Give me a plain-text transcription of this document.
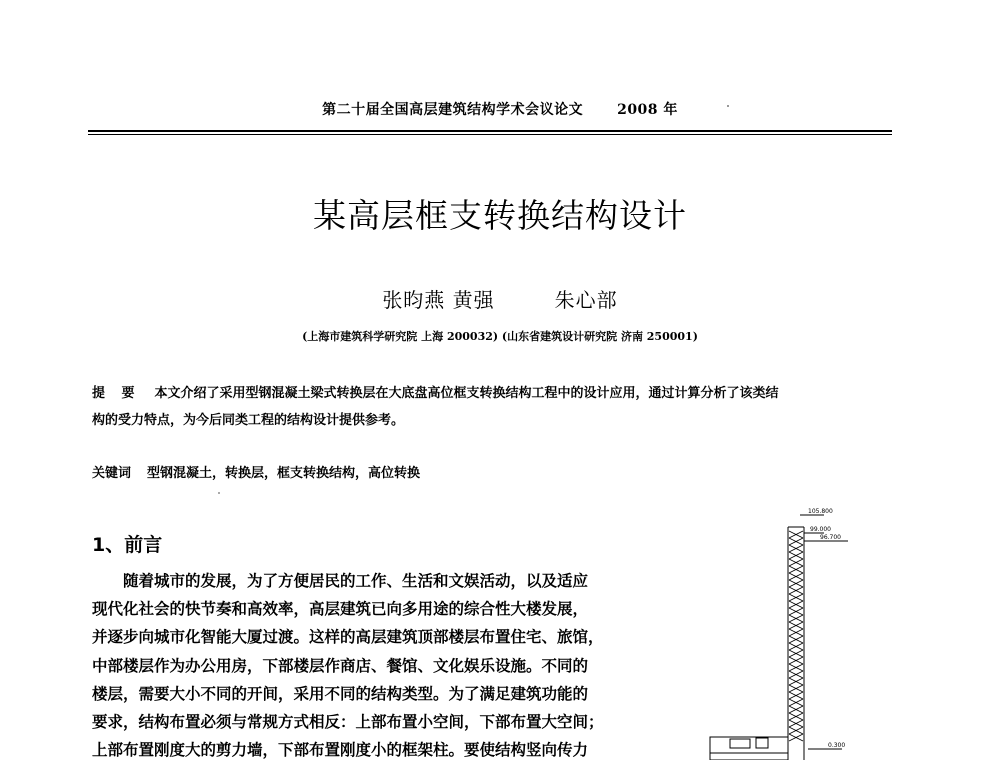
第二十届全国高层建筑结构学术会议论文 2008 年
某高层框支转换结构设计
张昀燕 黄强	朱心部
(上海市建筑科学研究院 上海 200032) (山东省建筑设计研究院 济南 250001)
提 要 本文介绍了采用型钢混凝土梁式转换层在大底盘高位框支转换结构工程中的设计应用，通过计算分析了该类结
构的受力特点，为今后同类工程的结构设计提供参考。
关键词 型钢混凝土，转换层，框支转换结构，高位转换
1、前言
随着城市的发展，为了方便居民的工作、生活和文娱活动，以及适应
现代化社会的快节奏和高效率，高层建筑已向多用途的综合性大楼发展，
并逐步向城市化智能大厦过渡。这样的高层建筑顶部楼层布置住宅、旅馆，
中部楼层作为办公用房，下部楼层作商店、餐馆、文化娱乐设施。不同的
楼层，需要大小不同的开间，采用不同的结构类型。为了满足建筑功能的
要求，结构布置必须与常规方式相反：上部布置小空间，下部布置大空间；
上部布置刚度大的剪力墙，下部布置刚度小的框架柱。要使结构竖向传力
105.800
99.000
96.700
0.300
